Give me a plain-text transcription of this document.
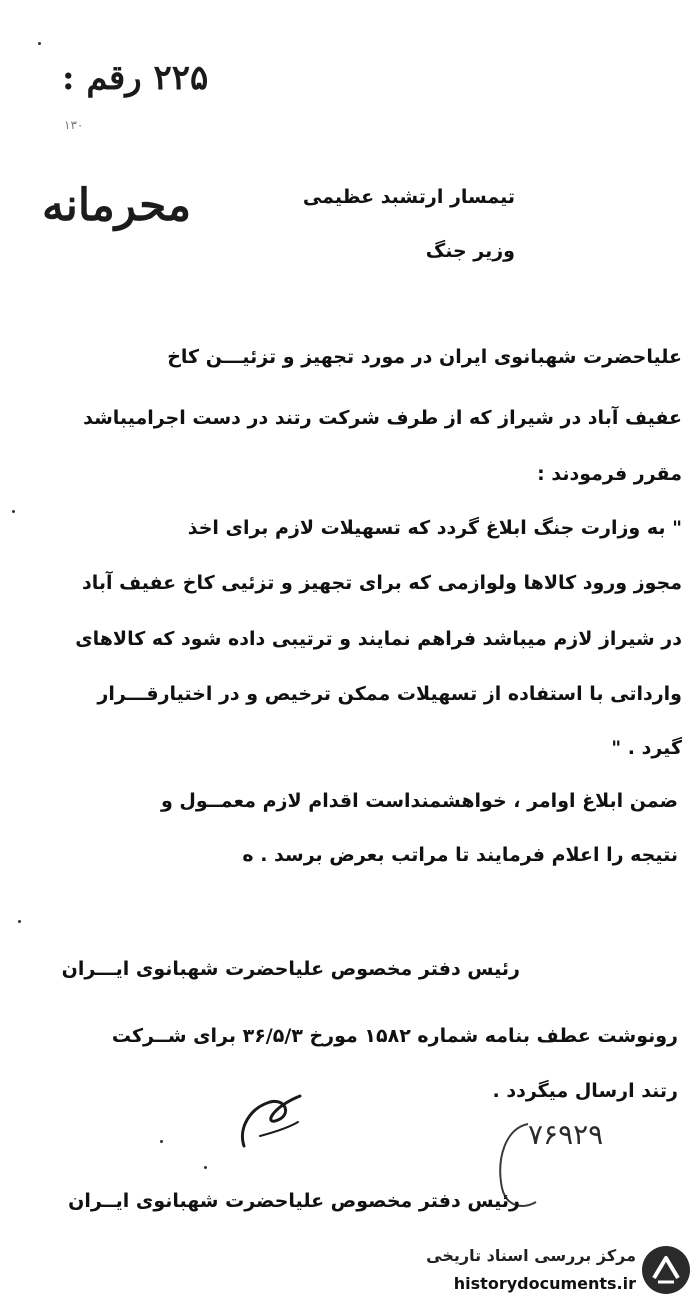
۲۲۵ رقم :
۱۳۰
محرمانه	تیمسار ارتشبد عظیمی
وزیر جنگ
علیاحضرت شهبانوی ایران در مورد تجهیز و تزئیـــن کاخ
عفیف آباد در شیراز که از طرف شرکت رتند در دست اجرامیباشد
مقرر فرمودند :
" به وزارت جنگ ابلاغ گردد که تسهیلات لازم برای اخذ
مجوز ورود کالاها ولوازمی که برای تجهیز و تزئیی کاخ عفیف آباد
در شیراز لازم میباشد فراهم نمایند و ترتیبی داده شود که کالاهای
وارداتی با استفاده از تسهیلات ممکن ترخیص و در اختیارقـــرار
گیرد . "
ضمن ابلاغ اوامر ، خواهشمنداست اقدام لازم معمــول و
نتیجه را اعلام فرمایند تا مراتب بعرض برسد . ه
رئیس دفتر مخصوص علیاحضرت شهبانوی ایـــران
رونوشت عطف بنامه شماره ۱۵۸۲ مورخ ۳۶/۵/۳ برای شــرکت
رتند ارسال میگردد .
۷۶۹۲۹
رئیس دفتر مخصوص علیاحضرت شهبانوی ایــران
مرکز بررسی اسناد تاریخی
historydocuments.ir
